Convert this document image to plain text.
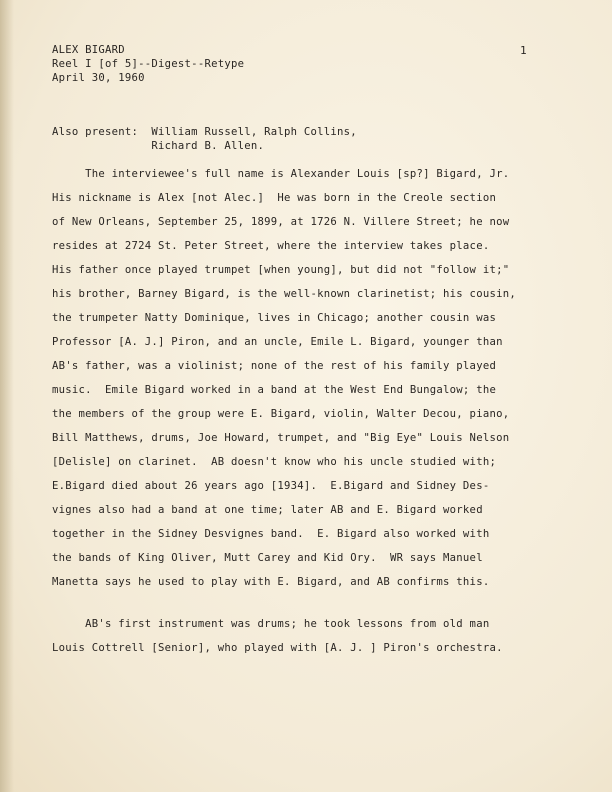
ALEX BIGARD	1
Reel I [of 5]--Digest--Retype
April 30, 1960
Also present:  William Russell, Ralph Collins,
Richard B. Allen.
The interviewee's full name is Alexander Louis [sp?] Bigard, Jr.
His nickname is Alex [not Alec.]  He was born in the Creole section
of New Orleans, September 25, 1899, at 1726 N. Villere Street; he now
resides at 2724 St. Peter Street, where the interview takes place.
His father once played trumpet [when young], but did not "follow it;"
his brother, Barney Bigard, is the well-known clarinetist; his cousin,
the trumpeter Natty Dominique, lives in Chicago; another cousin was
Professor [A. J.] Piron, and an uncle, Emile L. Bigard, younger than
AB's father, was a violinist; none of the rest of his family played
music.  Emile Bigard worked in a band at the West End Bungalow; the
the members of the group were E. Bigard, violin, Walter Decou, piano,
Bill Matthews, drums, Joe Howard, trumpet, and "Big Eye" Louis Nelson
[Delisle] on clarinet.  AB doesn't know who his uncle studied with;
E.Bigard died about 26 years ago [1934].  E.Bigard and Sidney Des-
vignes also had a band at one time; later AB and E. Bigard worked
together in the Sidney Desvignes band.  E. Bigard also worked with
the bands of King Oliver, Mutt Carey and Kid Ory.  WR says Manuel
Manetta says he used to play with E. Bigard, and AB confirms this.
AB's first instrument was drums; he took lessons from old man
Louis Cottrell [Senior], who played with [A. J. ] Piron's orchestra.
